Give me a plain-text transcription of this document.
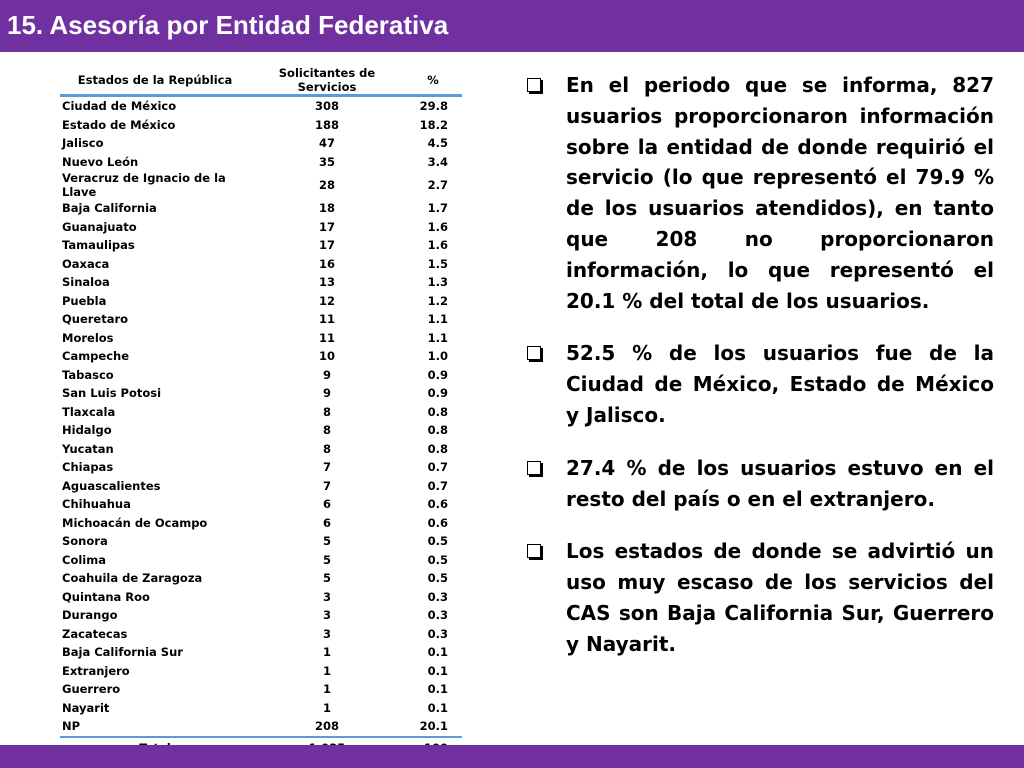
15. Asesoría por Entidad Federativa
Estados de la República	Solicitantes de Servicios	%
Ciudad de México	308	29.8
Estado de México	188	18.2
Jalisco	47	4.5
Nuevo León	35	3.4
Veracruz de Ignacio de la Llave	28	2.7
Baja California	18	1.7
Guanajuato	17	1.6
Tamaulipas	17	1.6
Oaxaca	16	1.5
Sinaloa	13	1.3
Puebla	12	1.2
Queretaro	11	1.1
Morelos	11	1.1
Campeche	10	1.0
Tabasco	9	0.9
San Luis Potosi	9	0.9
Tlaxcala	8	0.8
Hidalgo	8	0.8
Yucatan	8	0.8
Chiapas	7	0.7
Aguascalientes	7	0.7
Chihuahua	6	0.6
Michoacán de Ocampo	6	0.6
Sonora	5	0.5
Colima	5	0.5
Coahuila de Zaragoza	5	0.5
Quintana Roo	3	0.3
Durango	3	0.3
Zacatecas	3	0.3
Baja California Sur	1	0.1
Extranjero	1	0.1
Guerrero	1	0.1
Nayarit	1	0.1
NP	208	20.1

En el periodo que se informa, 827 usuarios proporcionaron información sobre la entidad de donde requirió el servicio (lo que representó el 79.9 % de los usuarios atendidos), en tanto que 208 no proporcionaron información, lo que representó el 20.1 % del total de los usuarios.
52.5 % de los usuarios fue de la Ciudad de México, Estado de México y Jalisco.
27.4 % de los usuarios estuvo en el resto del país o en el extranjero.
Los estados de donde se advirtió un uso muy escaso de los servicios del CAS son Baja California Sur, Guerrero y Nayarit.
